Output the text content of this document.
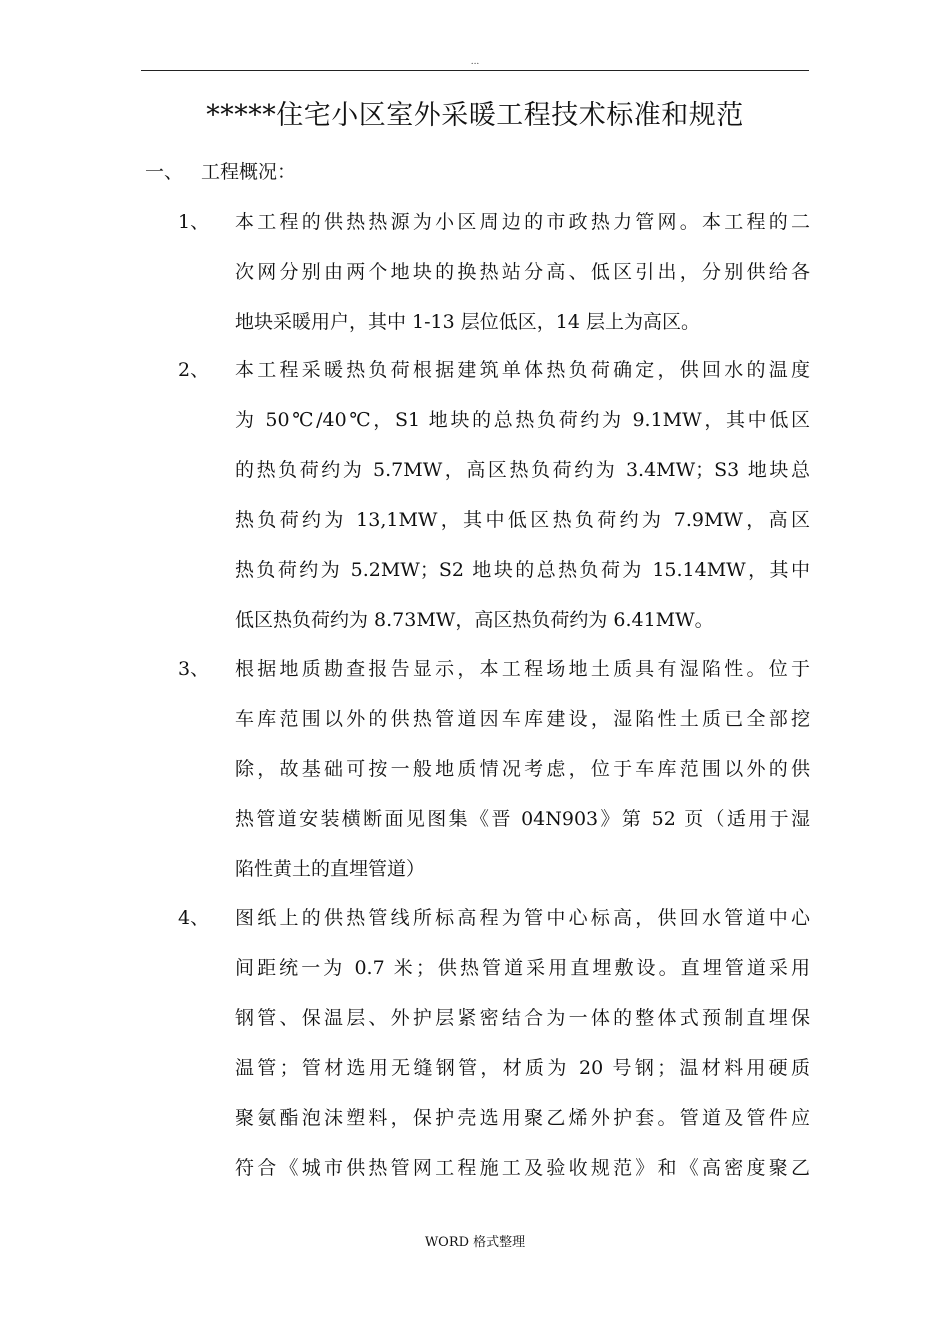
...
*****住宅小区室外采暖工程技术标准和规范
一、 工程概况：
1、 本工程的供热热源为小区周边的市政热力管网。本工程的二
次网分别由两个地块的换热站分高、低区引出，分别供给各
地块采暖用户，其中 1-13 层位低区，14 层上为高区。
2、 本工程采暖热负荷根据建筑单体热负荷确定，供回水的温度
为 50℃/40℃，S1 地块的总热负荷约为 9.1MW，其中低区
的热负荷约为 5.7MW，高区热负荷约为 3.4MW；S3 地块总
热负荷约为 13,1MW，其中低区热负荷约为 7.9MW，高区
热负荷约为 5.2MW；S2 地块的总热负荷为 15.14MW，其中
低区热负荷约为 8.73MW，高区热负荷约为 6.41MW。
3、 根据地质勘查报告显示，本工程场地土质具有湿陷性。位于
车库范围以外的供热管道因车库建设，湿陷性土质已全部挖
除，故基础可按一般地质情况考虑，位于车库范围以外的供
热管道安装横断面见图集《晋 04N903》第 52 页（适用于湿
陷性黄土的直埋管道）
4、 图纸上的供热管线所标高程为管中心标高，供回水管道中心
间距统一为 0.7 米；供热管道采用直埋敷设。直埋管道采用
钢管、保温层、外护层紧密结合为一体的整体式预制直埋保
温管；管材选用无缝钢管，材质为 20 号钢；温材料用硬质
聚氨酯泡沫塑料，保护壳选用聚乙烯外护套。管道及管件应
符合《城市供热管网工程施工及验收规范》和《高密度聚乙
WORD 格式整理
